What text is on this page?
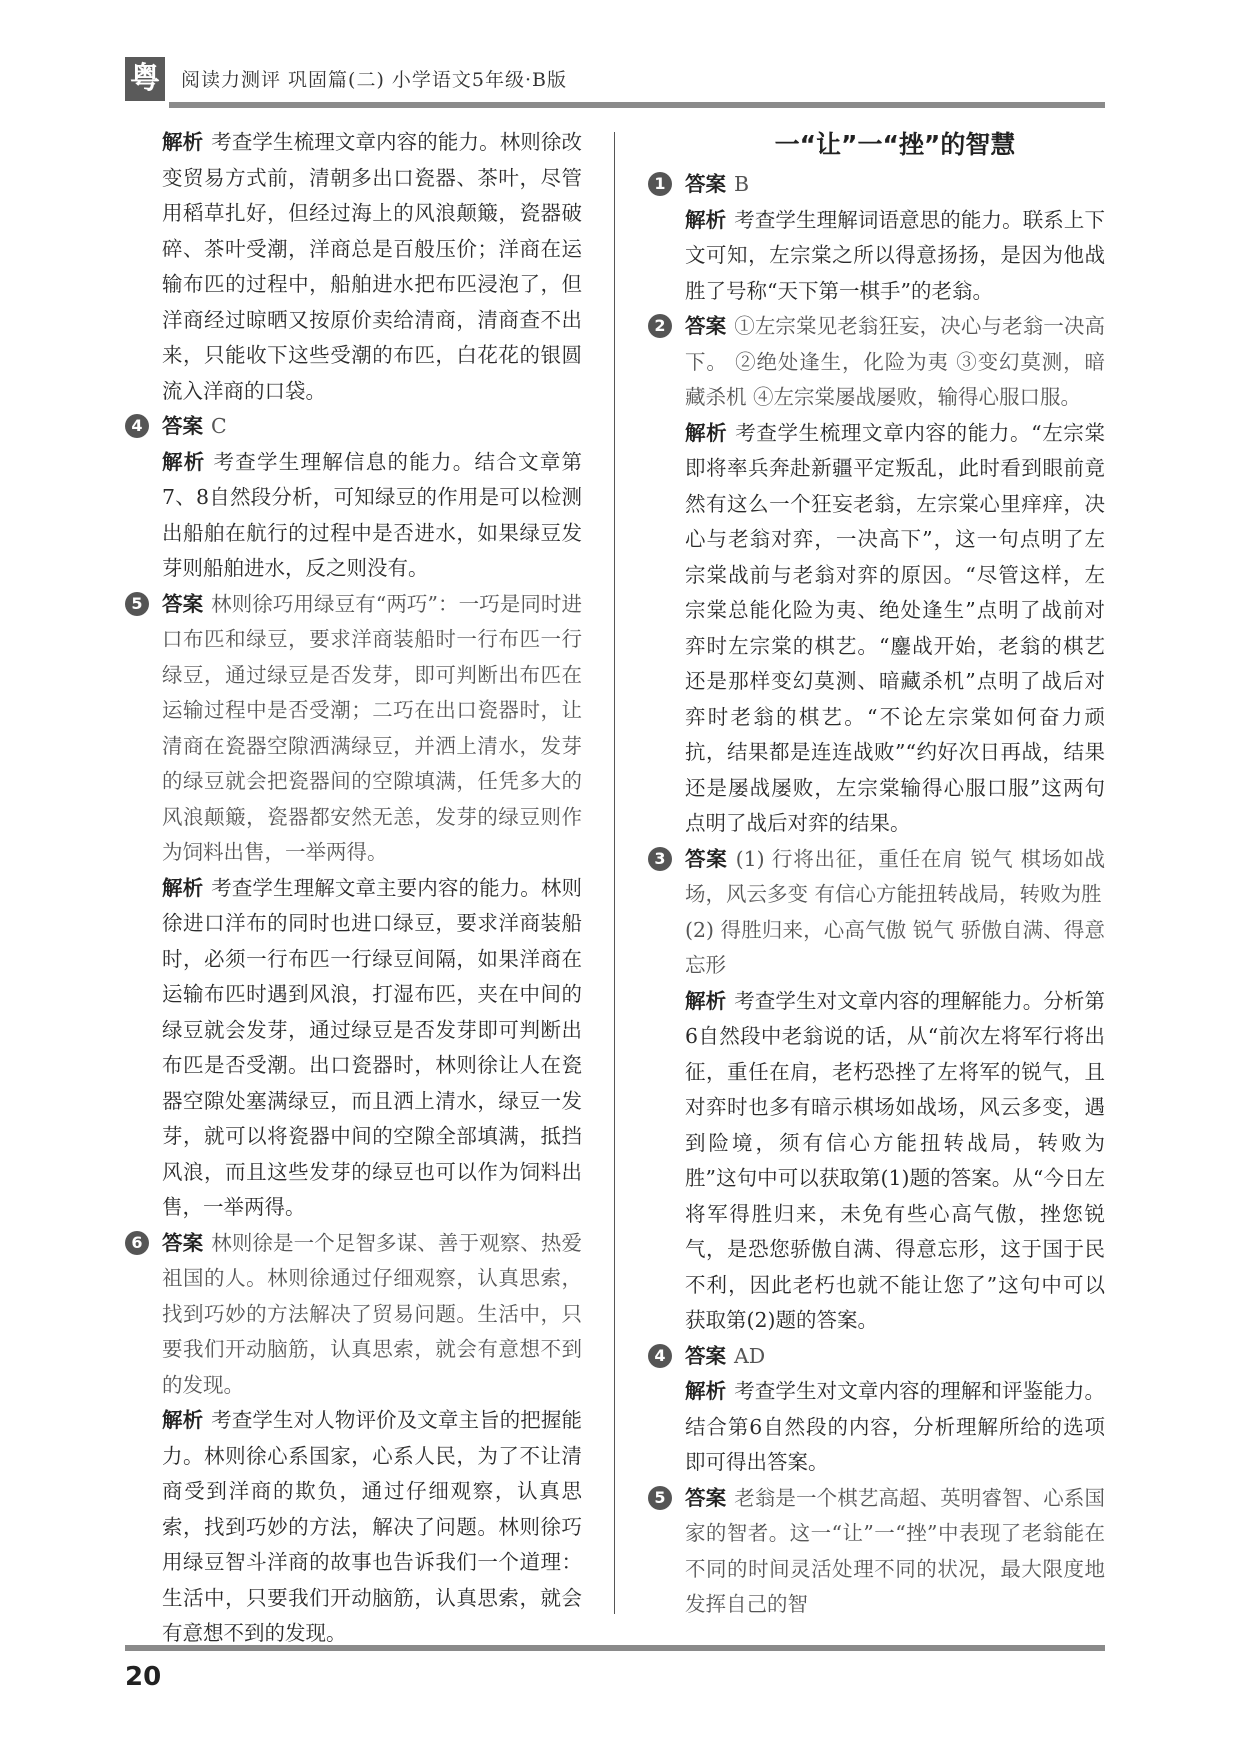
粤 阅读力测评 巩固篇(二) 小学语文5年级·B版

解析 考查学生梳理文章内容的能力。林则徐改变贸易方式前，清朝多出口瓷器、茶叶，尽管用稻草扎好，但经过海上的风浪颠簸，瓷器破碎、茶叶受潮，洋商总是百般压价；洋商在运输布匹的过程中，船舶进水把布匹浸泡了，但洋商经过晾晒又按原价卖给清商，清商查不出来，只能收下这些受潮的布匹，白花花的银圆流入洋商的口袋。

4 答案 C

解析 考查学生理解信息的能力。结合文章第7、8自然段分析，可知绿豆的作用是可以检测出船舶在航行的过程中是否进水，如果绿豆发芽则船舶进水，反之则没有。

5 答案 林则徐巧用绿豆有“两巧”：一巧是同时进口布匹和绿豆，要求洋商装船时一行布匹一行绿豆，通过绿豆是否发芽，即可判断出布匹在运输过程中是否受潮；二巧在出口瓷器时，让清商在瓷器空隙洒满绿豆，并洒上清水，发芽的绿豆就会把瓷器间的空隙填满，任凭多大的风浪颠簸，瓷器都安然无恙，发芽的绿豆则作为饲料出售，一举两得。

解析 考查学生理解文章主要内容的能力。林则徐进口洋布的同时也进口绿豆，要求洋商装船时，必须一行布匹一行绿豆间隔，如果洋商在运输布匹时遇到风浪，打湿布匹，夹在中间的绿豆就会发芽，通过绿豆是否发芽即可判断出布匹是否受潮。出口瓷器时，林则徐让人在瓷器空隙处塞满绿豆，而且洒上清水，绿豆一发芽，就可以将瓷器中间的空隙全部填满，抵挡风浪，而且这些发芽的绿豆也可以作为饲料出售，一举两得。

6 答案 林则徐是一个足智多谋、善于观察、热爱祖国的人。林则徐通过仔细观察，认真思索，找到巧妙的方法解决了贸易问题。生活中，只要我们开动脑筋，认真思索，就会有意想不到的发现。

解析 考查学生对人物评价及文章主旨的把握能力。林则徐心系国家，心系人民，为了不让清商受到洋商的欺负，通过仔细观察，认真思索，找到巧妙的方法，解决了问题。林则徐巧用绿豆智斗洋商的故事也告诉我们一个道理：生活中，只要我们开动脑筋，认真思索，就会有意想不到的发现。

一“让”一“挫”的智慧

1 答案 B

解析 考查学生理解词语意思的能力。联系上下文可知，左宗棠之所以得意扬扬，是因为他战胜了号称“天下第一棋手”的老翁。

2 答案 ①左宗棠见老翁狂妄，决心与老翁一决高下。 ②绝处逢生，化险为夷 ③变幻莫测，暗藏杀机 ④左宗棠屡战屡败，输得心服口服。

解析 考查学生梳理文章内容的能力。“左宗棠即将率兵奔赴新疆平定叛乱，此时看到眼前竟然有这么一个狂妄老翁，左宗棠心里痒痒，决心与老翁对弈，一决高下”，这一句点明了左宗棠战前与老翁对弈的原因。“尽管这样，左宗棠总能化险为夷、绝处逢生”点明了战前对弈时左宗棠的棋艺。“鏖战开始，老翁的棋艺还是那样变幻莫测、暗藏杀机”点明了战后对弈时老翁的棋艺。“不论左宗棠如何奋力顽抗，结果都是连连战败”“约好次日再战，结果还是屡战屡败，左宗棠输得心服口服”这两句点明了战后对弈的结果。

3 答案 (1) 行将出征，重任在肩 锐气 棋场如战场，风云多变 有信心方能扭转战局，转败为胜

(2) 得胜归来，心高气傲 锐气 骄傲自满、得意忘形

解析 考查学生对文章内容的理解能力。分析第6自然段中老翁说的话，从“前次左将军行将出征，重任在肩，老朽恐挫了左将军的锐气，且对弈时也多有暗示棋场如战场，风云多变，遇到险境，须有信心方能扭转战局，转败为胜”这句中可以获取第(1)题的答案。从“今日左将军得胜归来，未免有些心高气傲，挫您锐气，是恐您骄傲自满、得意忘形，这于国于民不利，因此老朽也就不能让您了”这句中可以获取第(2)题的答案。

4 答案 AD

解析 考查学生对文章内容的理解和评鉴能力。结合第6自然段的内容，分析理解所给的选项即可得出答案。

5 答案 老翁是一个棋艺高超、英明睿智、心系国家的智者。这一“让”一“挫”中表现了老翁能在不同的时间灵活处理不同的状况，最大限度地发挥自己的智

20
